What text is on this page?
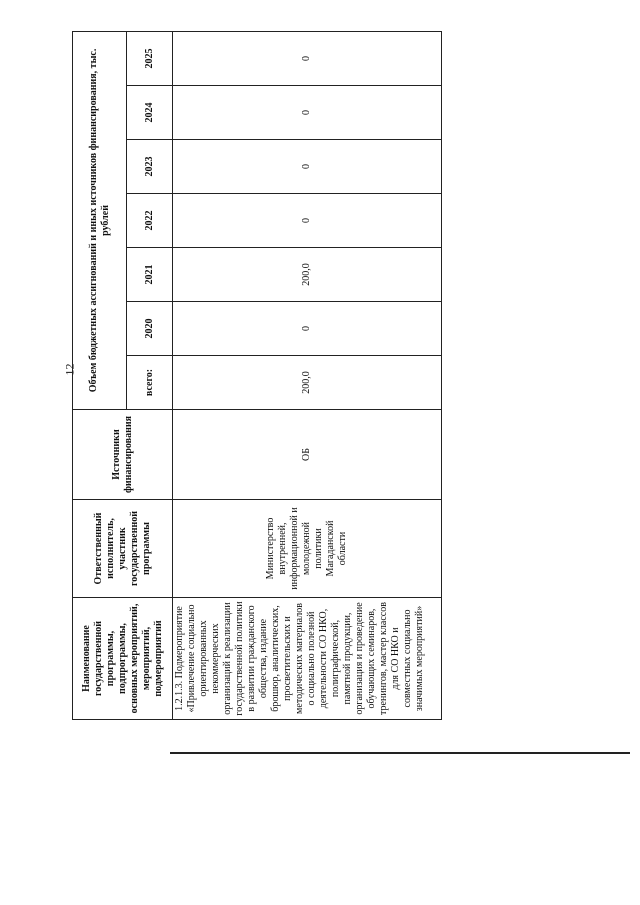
12
Наименование государственной программы, подпрограммы, основных мероприятий, мероприятий, подмероприятий	Ответственный исполнитель, участник государственной программы	Источники финансирования	Объем бюджетных ассигнований и иных источников финансирования, тыс. рублей						
			всего:	2020	2021	2022	2023	2024	2025
1.2.1.3. Подмероприятие «Привлечение социально ориентированных некоммерческих организаций к реализации государственной политики в развитии гражданского общества, издание брошюр, аналитических, просветительских и методических материалов о социально полезной деятельности СО НКО, полиграфической, памятной продукции, организация и проведение обучающих семинаров, тренингов, мастер классов для СО НКО и совместных социально значимых мероприятий»	Министерство внутренней, информационной и молодежной политики Магаданской области	ОБ	200,0	0	200,0	0	0	0	0
